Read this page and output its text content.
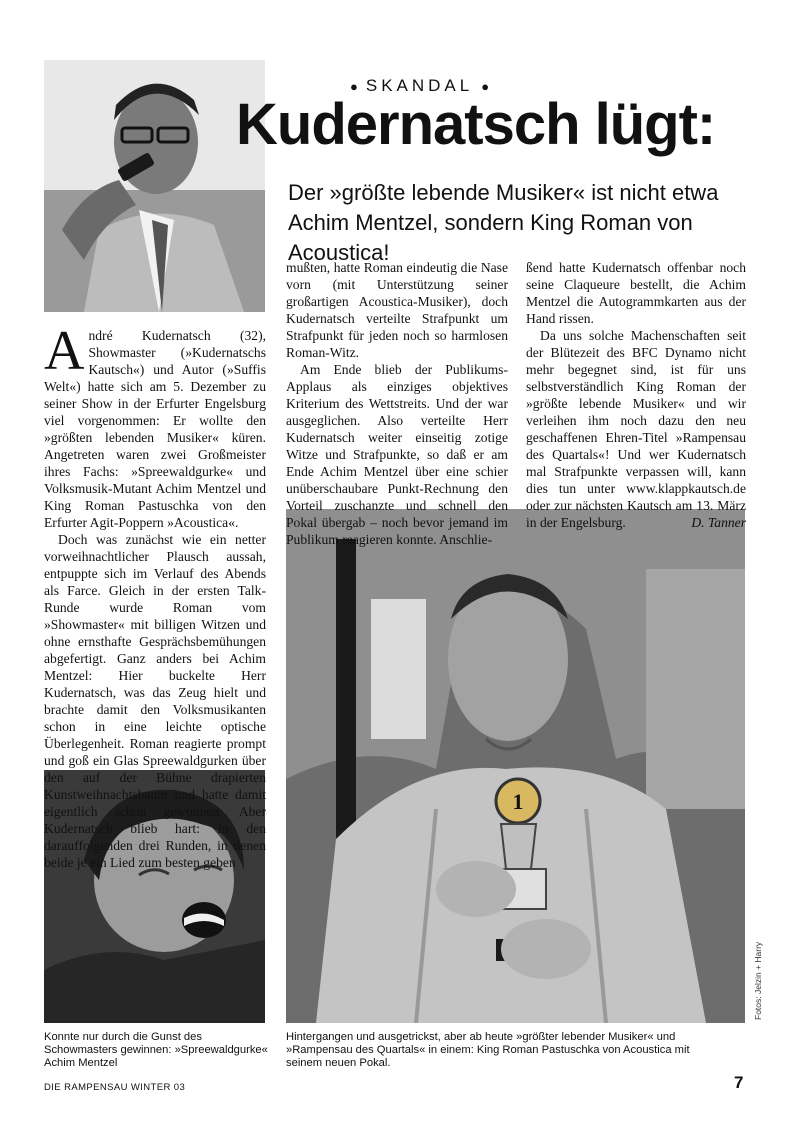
1
● SKANDAL ●
Kudernatsch lügt:
Der »größte lebende Musiker« ist nicht etwa Achim Mentzel, sondern King Roman von Acoustica!

André Kudernatsch (32), Showmaster (»Kudernatschs Kautsch«) und Autor (»Suffis Welt«) hatte sich am 5. Dezember zu seiner Show in der Erfurter Engelsburg viel vorgenommen: Er wollte den »größten lebenden Musiker« küren. Angetreten waren zwei Großmeister ihres Fachs: »Spreewaldgurke« und Volksmusik-Mutant Achim Mentzel und King Roman Pastuschka von den Erfurter Agit-Poppern »Acoustica«.

Doch was zunächst wie ein netter vorweihnachtlicher Plausch aussah, entpuppte sich im Verlauf des Abends als Farce. Gleich in der ersten Talk-Runde wurde Roman vom »Showmaster« mit billigen Witzen und ohne ernsthafte Gesprächsbemühungen abgefertigt. Ganz anders bei Achim Mentzel: Hier buckelte Herr Kudernatsch, was das Zeug hielt und brachte damit den Volksmusikanten schon in eine leichte optische Überlegenheit. Roman reagierte prompt und goß ein Glas Spreewaldgurken über den auf der Bühne drapierten Kunstweihnachtsbaum und hatte damit eigentlich schon gewonnen. Aber Kudernatsch blieb hart: In den darauffolgenden drei Runden, in denen beide je ein Lied zum besten geben

mußten, hatte Roman eindeutig die Nase vorn (mit Unterstützung seiner großartigen Acoustica-Musiker), doch Kudernatsch verteilte Strafpunkt um Strafpunkt für jeden noch so harmlosen Roman-Witz.

Am Ende blieb der Publikums-Applaus als einziges objektives Kriterium des Wettstreits. Und der war ausgeglichen. Also verteilte Herr Kudernatsch weiter einseitig zotige Witze und Strafpunkte, so daß er am Ende Achim Mentzel über eine schier unüberschaubare Punkt-Rechnung den Vorteil zuschanzte und schnell den Pokal übergab – noch bevor jemand im Publikum reagieren konnte. Anschlie-

ßend hatte Kudernatsch offenbar noch seine Claqueure bestellt, die Achim Mentzel die Autogrammkarten aus der Hand rissen.

Da uns solche Machenschaften seit der Blütezeit des BFC Dynamo nicht mehr begegnet sind, ist für uns selbstverständlich King Roman der »größte lebende Musiker« und wir verleihen ihm noch dazu den neu geschaffenen Ehren-Titel »Rampensau des Quartals«! Und wer Kudernatsch mal Strafpunkte verpassen will, kann dies tun unter www.klappkautsch.de oder zur nächsten Kautsch am 13. März in der Engelsburg.	D. Tanner

Konnte nur durch die Gunst des Schowmasters gewinnen: »Spreewaldgurke« Achim Mentzel
Hintergangen und ausgetrickst, aber ab heute »größter lebender Musiker« und »Rampensau des Quartals« in einem: King Roman Pastuschka von Acoustica mit seinem neuen Pokal.
Fotos: Jelzin + Harry
DIE RAMPENSAU WINTER 03	7
